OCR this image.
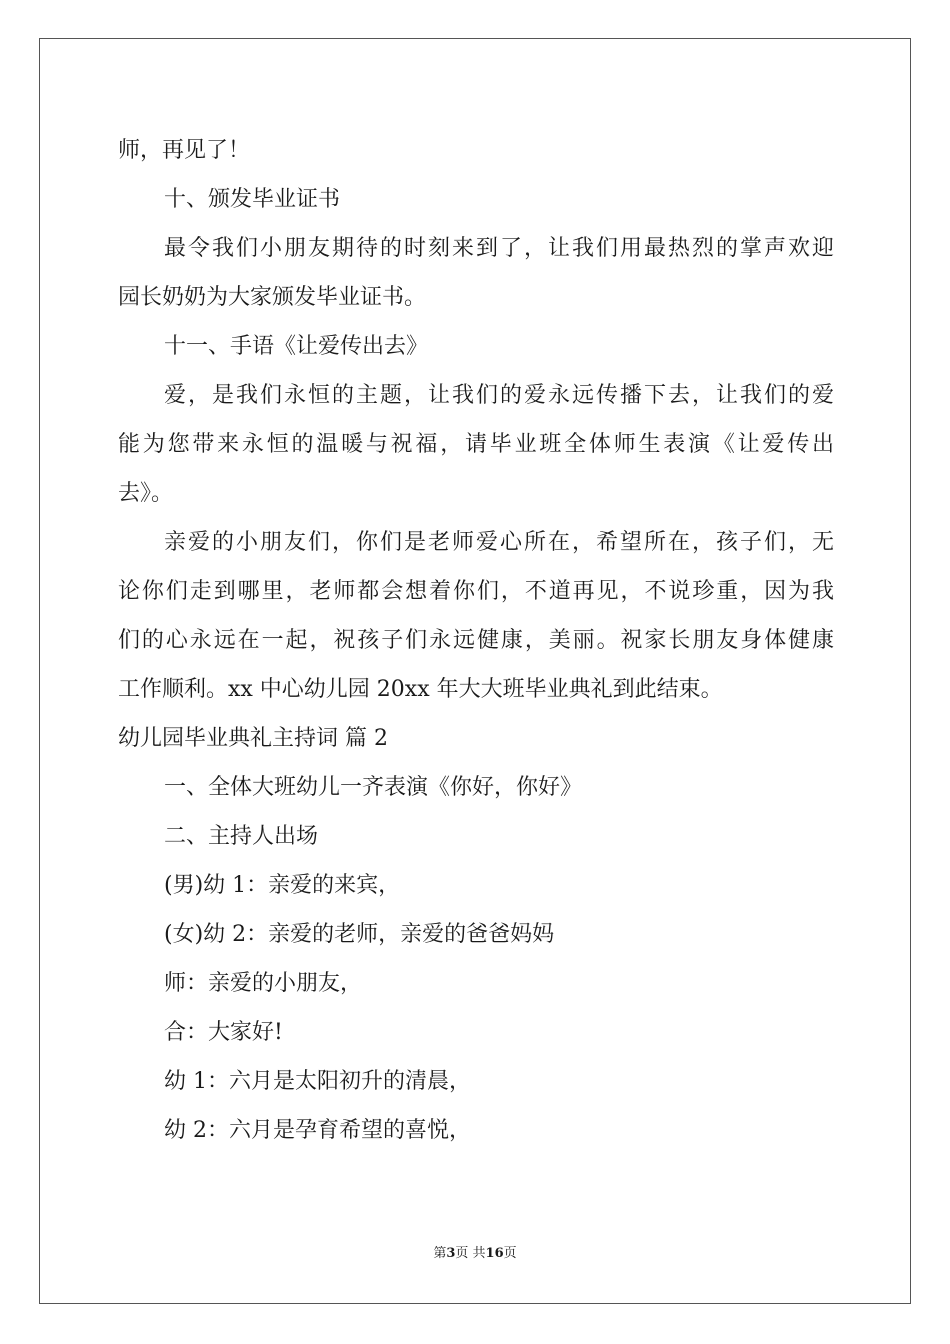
师，再见了！

十、颁发毕业证书

最令我们小朋友期待的时刻来到了，让我们用最热烈的掌声欢迎

园长奶奶为大家颁发毕业证书。

十一、手语《让爱传出去》

爱，是我们永恒的主题，让我们的爱永远传播下去，让我们的爱

能为您带来永恒的温暖与祝福，请毕业班全体师生表演《让爱传出

去》。

亲爱的小朋友们，你们是老师爱心所在，希望所在，孩子们，无

论你们走到哪里，老师都会想着你们，不道再见，不说珍重，因为我

们的心永远在一起，祝孩子们永远健康，美丽。祝家长朋友身体健康

工作顺利。xx 中心幼儿园 20xx 年大大班毕业典礼到此结束。

幼儿园毕业典礼主持词 篇 2

一、全体大班幼儿一齐表演《你好，你好》

二、主持人出场

(男)幼 1：亲爱的来宾，

(女)幼 2：亲爱的老师，亲爱的爸爸妈妈

师：亲爱的小朋友，

合：大家好!

幼 1：六月是太阳初升的清晨，

幼 2：六月是孕育希望的喜悦，

第3页 共16页
